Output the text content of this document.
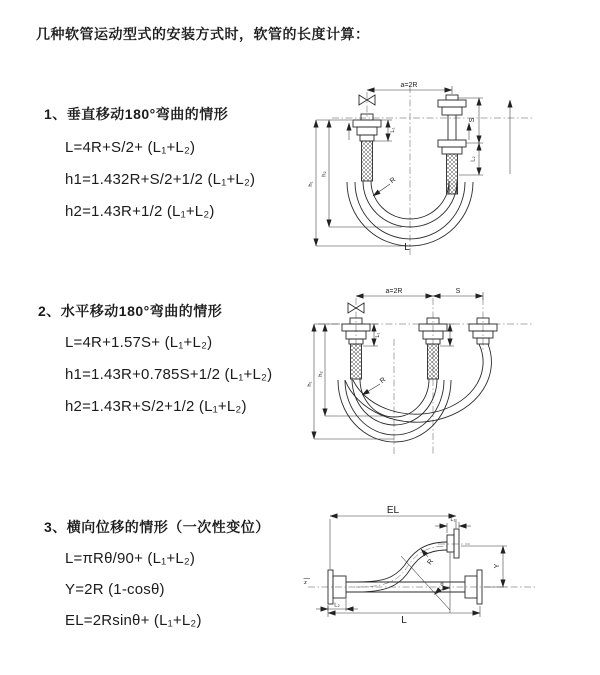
几种软管运动型式的安装方式时，软管的长度计算：
1、垂直移动180°弯曲的情形
L=4R+S/2+ (L₁+L₂)
h1=1.432R+S/2+1/2 (L₁+L₂)
h2=1.43R+1/2 (L₁+L₂)
a=2R
h₁
h₂
L₁
S
L₂
R
L
2、水平移动180°弯曲的情形
L=4R+1.57S+ (L₁+L₂)
h1=1.43R+0.785S+1/2 (L₁+L₂)
h2=1.43R+S/2+1/2 (L₁+L₂)
a=2R	S
h₁
h₂
L₁
R
3、横向位移的情形（一次性变位）
L=πRθ/90+ (L₁+L₂)
Y=2R (1-cosθ)
EL=2Rsinθ+ (L₁+L₂)
z
EL
L₁
Y
R
θ
L
L₂
